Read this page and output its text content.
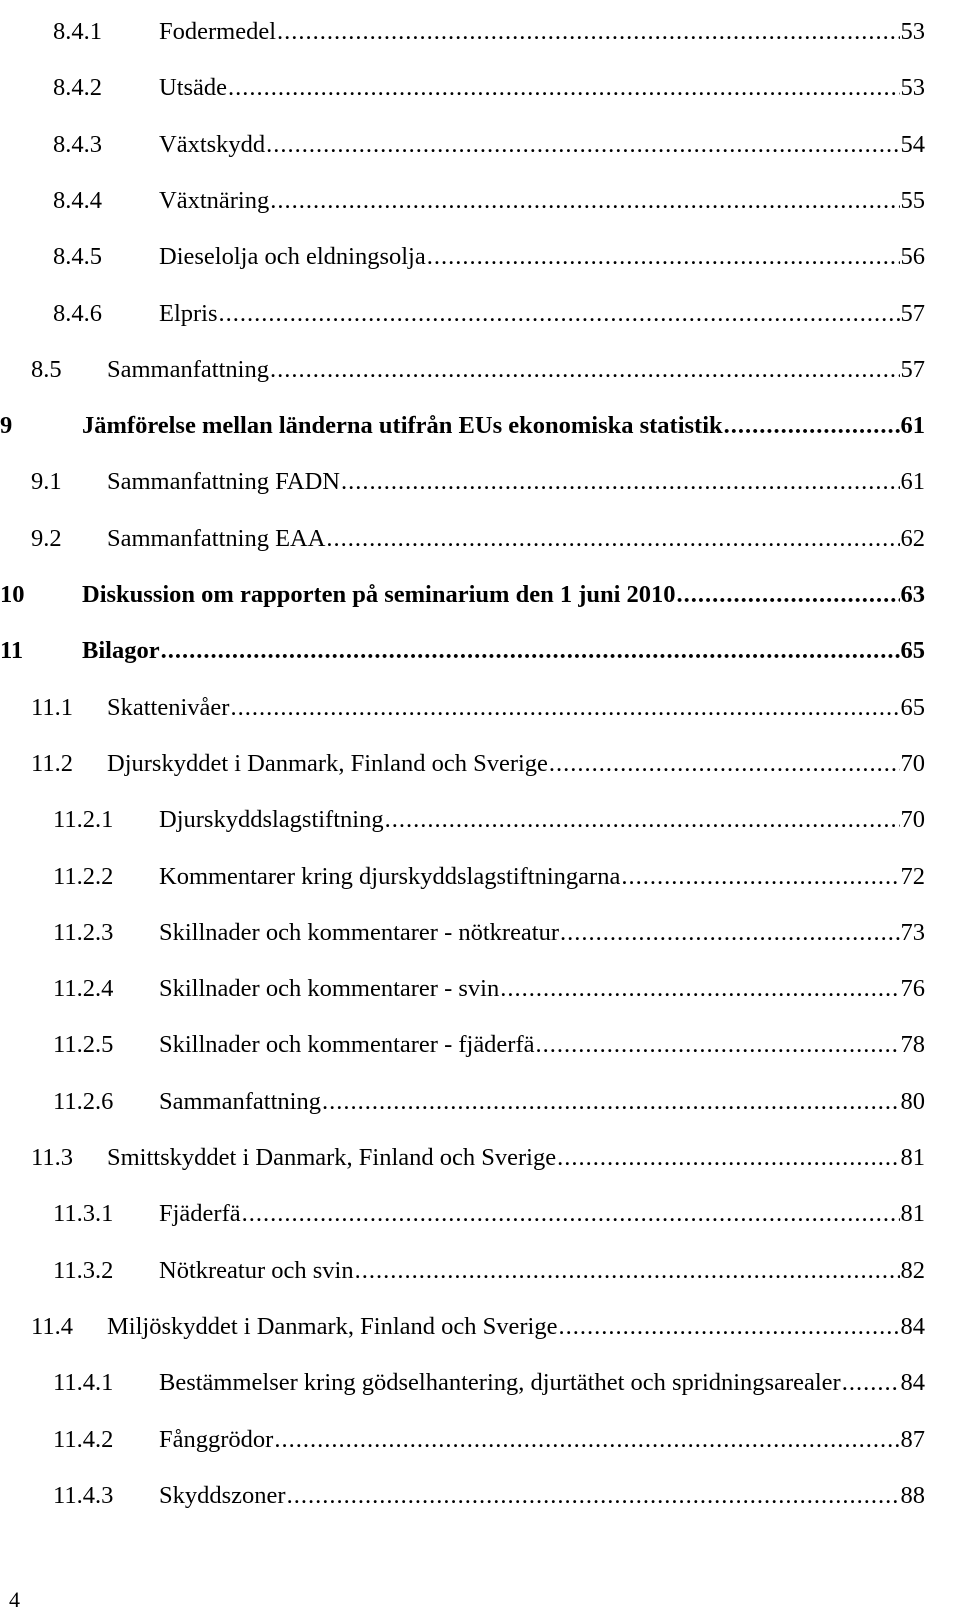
8.4.1 Fodermedel .....	53
8.4.2 Utsäde .....	53
8.4.3 Växtskydd .....	54
8.4.4 Växtnäring .....	55
8.4.5 Dieselolja och eldningsolja .....	56
8.4.6 Elpris .....	57
8.5 Sammanfattning .....	57
9	Jämförelse mellan länderna utifrån EUs ekonomiska statistik .....	61
9.1 Sammanfattning FADN .....	61
9.2 Sammanfattning EAA .....	62
10 Diskussion om rapporten på seminarium den 1 juni 2010 .....	63
11 Bilagor .....	65
11.1 Skattenivåer .....	65
11.2 Djurskyddet i Danmark, Finland och Sverige .....	70
11.2.1 Djurskyddslagstiftning .....	70
11.2.2 Kommentarer kring djurskyddslagstiftningarna .....	72
11.2.3 Skillnader och kommentarer - nötkreatur .....	73
11.2.4 Skillnader och kommentarer - svin .....	76
11.2.5 Skillnader och kommentarer - fjäderfä .....	78
11.2.6 Sammanfattning .....	80
11.3 Smittskyddet i Danmark, Finland och Sverige .....	81
11.3.1 Fjäderfä .....	81
11.3.2 Nötkreatur och svin .....	82
11.4 Miljöskyddet i Danmark, Finland och Sverige .....	84
11.4.1 Bestämmelser kring gödselhantering, djurtäthet och spridningsarealer ..... 84
11.4.2 Fånggrödor .....	87
11.4.3 Skyddszoner .....	88
4
